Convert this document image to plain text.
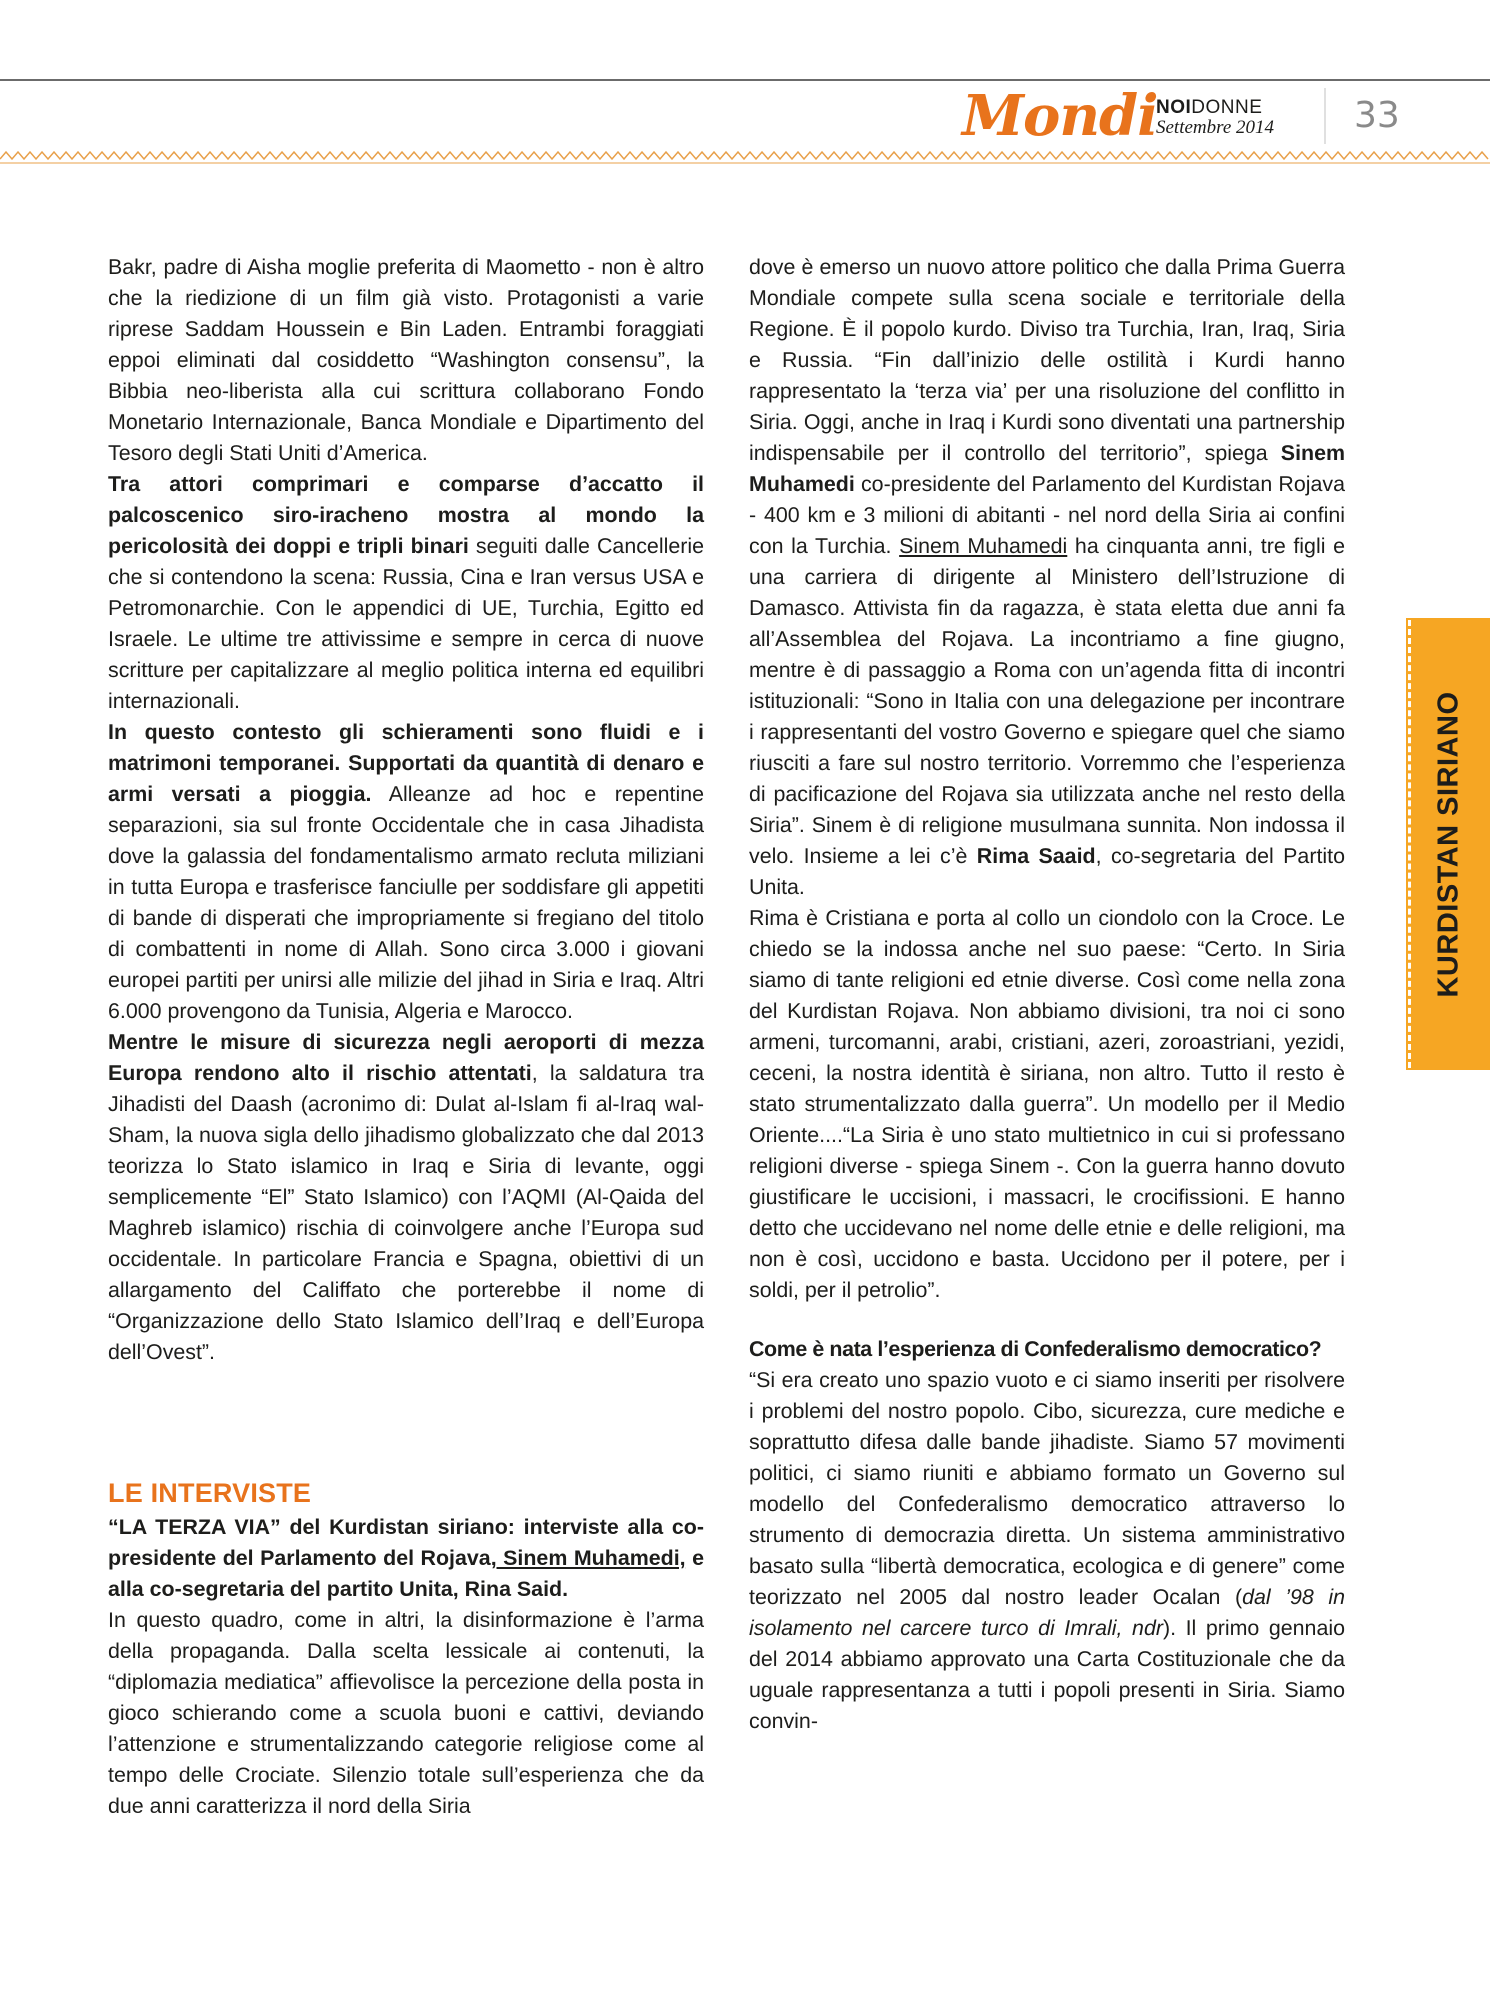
Mondi
NOIDONNE
Settembre 2014 33

Bakr, padre di Aisha moglie preferita di Maometto - non è altro che la riedizione di un film già visto. Protagonisti a varie riprese Saddam Houssein e Bin Laden. Entrambi foraggiati eppoi eliminati dal cosiddetto “Washington consensu”, la Bibbia neo-liberista alla cui scrittura collaborano Fondo Monetario Internazionale, Banca Mondiale e Dipartimento del Tesoro degli Stati Uniti d’America.

Tra attori comprimari e comparse d’accatto il palcoscenico siro-iracheno mostra al mondo la pericolosità dei doppi e tripli binari seguiti dalle Cancellerie che si contendono la scena: Russia, Cina e Iran versus USA e Petromonarchie. Con le appendici di UE, Turchia, Egitto ed Israele. Le ultime tre attivissime e sempre in cerca di nuove scritture per capitalizzare al meglio politica interna ed equilibri internazionali.

In questo contesto gli schieramenti sono fluidi e i matrimoni temporanei. Supportati da quantità di denaro e armi versati a pioggia. Alleanze ad hoc e repentine separazioni, sia sul fronte Occidentale che in casa Jihadista dove la galassia del fondamentalismo armato recluta miliziani in tutta Europa e trasferisce fanciulle per soddisfare gli appetiti di bande di disperati che impropriamente si fregiano del titolo di combattenti in nome di Allah. Sono circa 3.000 i giovani europei partiti per unirsi alle milizie del jihad in Siria e Iraq. Altri 6.000 provengono da Tunisia, Algeria e Marocco.

Mentre le misure di sicurezza negli aeroporti di mezza Europa rendono alto il rischio attentati, la saldatura tra Jihadisti del Daash (acronimo di: Dulat al-Islam fi al-Iraq wal-Sham, la nuova sigla dello jihadismo globalizzato che dal 2013 teorizza lo Stato islamico in Iraq e Siria di levante, oggi semplicemente “El” Stato Islamico) con l’AQMI (Al-Qaida del Maghreb islamico) rischia di coinvolgere anche l’Europa sud occidentale. In particolare Francia e Spagna, obiettivi di un allargamento del Califfato che porterebbe il nome di “Organizzazione dello Stato Islamico dell’Iraq e dell’Europa dell’Ovest”.

LE INTERVISTE

“LA TERZA VIA” del Kurdistan siriano: interviste alla co-presidente del Parlamento del Rojava, Sinem Muhamedi, e alla co-segretaria del partito Unita, Rina Said.

In questo quadro, come in altri, la disinformazione è l’arma della propaganda. Dalla scelta lessicale ai contenuti, la “diplomazia mediatica” affievolisce la percezione della posta in gioco schierando come a scuola buoni e cattivi, deviando l’attenzione e strumentalizzando categorie religiose come al tempo delle Crociate. Silenzio totale sull’esperienza che da due anni caratterizza il nord della Siria

dove è emerso un nuovo attore politico che dalla Prima Guerra Mondiale compete sulla scena sociale e territoriale della Regione. È il popolo kurdo. Diviso tra Turchia, Iran, Iraq, Siria e Russia. “Fin dall’inizio delle ostilità i Kurdi hanno rappresentato la ‘terza via’ per una risoluzione del conflitto in Siria. Oggi, anche in Iraq i Kurdi sono diventati una partnership indispensabile per il controllo del territorio”, spiega Sinem Muhamedi co-presidente del Parlamento del Kurdistan Rojava - 400 km e 3 milioni di abitanti - nel nord della Siria ai confini con la Turchia. Sinem Muhamedi ha cinquanta anni, tre figli e una carriera di dirigente al Ministero dell’Istruzione di Damasco. Attivista fin da ragazza, è stata eletta due anni fa all’Assemblea del Rojava. La incontriamo a fine giugno, mentre è di passaggio a Roma con un’agenda fitta di incontri istituzionali: “Sono in Italia con una delegazione per incontrare i rappresentanti del vostro Governo e spiegare quel che siamo riusciti a fare sul nostro territorio. Vorremmo che l’esperienza di pacificazione del Rojava sia utilizzata anche nel resto della Siria”. Sinem è di religione musulmana sunnita. Non indossa il velo. Insieme a lei c’è Rima Saaid, co-segretaria del Partito Unita.

Rima è Cristiana e porta al collo un ciondolo con la Croce. Le chiedo se la indossa anche nel suo paese: “Certo. In Siria siamo di tante religioni ed etnie diverse. Così come nella zona del Kurdistan Rojava. Non abbiamo divisioni, tra noi ci sono armeni, turcomanni, arabi, cristiani, azeri, zoroastriani, yezidi, ceceni, la nostra identità è siriana, non altro. Tutto il resto è stato strumentalizzato dalla guerra”. Un modello per il Medio Oriente....“La Siria è uno stato multietnico in cui si professano religioni diverse - spiega Sinem -. Con la guerra hanno dovuto giustificare le uccisioni, i massacri, le crocifissioni. E hanno detto che uccidevano nel nome delle etnie e delle religioni, ma non è così, uccidono e basta. Uccidono per il potere, per i soldi, per il petrolio”.

Come è nata l’esperienza di Confederalismo democratico?

“Si era creato uno spazio vuoto e ci siamo inseriti per risolvere i problemi del nostro popolo. Cibo, sicurezza, cure mediche e soprattutto difesa dalle bande jihadiste. Siamo 57 movimenti politici, ci siamo riuniti e abbiamo formato un Governo sul modello del Confederalismo democratico attraverso lo strumento di democrazia diretta. Un sistema amministrativo basato sulla “libertà democratica, ecologica e di genere” come teorizzato nel 2005 dal nostro leader Ocalan (dal ’98 in isolamento nel carcere turco di Imrali, ndr). Il primo gennaio del 2014 abbiamo approvato una Carta Costituzionale che da uguale rappresentanza a tutti i popoli presenti in Siria. Siamo convin-

KURDISTAN SIRIANO
